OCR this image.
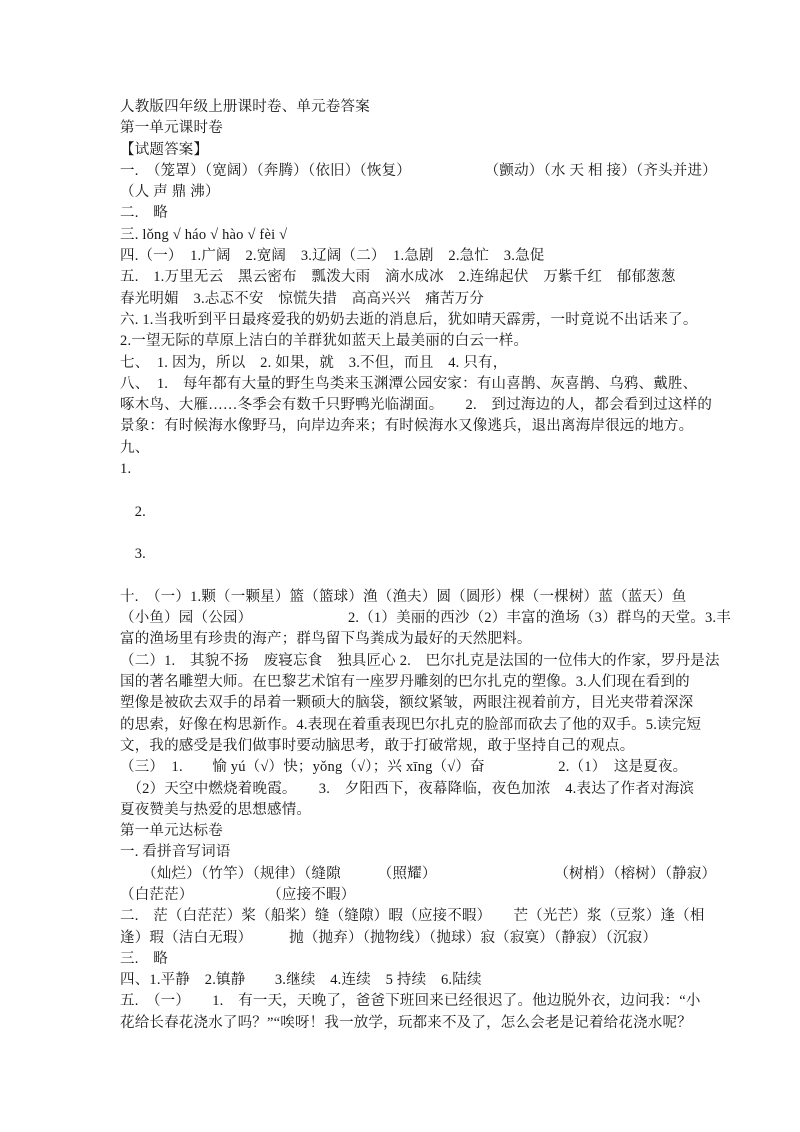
人教版四年级上册课时卷、单元卷答案
第一单元课时卷
【试题答案】
一.　（笼罩）（宽阔）（奔腾）（依旧）（恢复）　　　　　　（颤动）（水 天 相 接）（齐头并进）
（人 声 鼎 沸）
二.　略
三. lǒng √ háo √ hào √ fèi √
四.（一）　1.广阔　2.宽阔　3.辽阔（二）　1.急剧　2.急忙　3.急促
五.　1.万里无云　黑云密布　瓢泼大雨　滴水成冰　2.连绵起伏　万紫千红　郁郁葱葱
春光明媚　3.忐忑不安　惊慌失措　高高兴兴　痛苦万分
六. 1.当我听到平日最疼爱我的奶奶去逝的消息后，犹如晴天霹雳，一时竟说不出话来了。
2.一望无际的草原上洁白的羊群犹如蓝天上最美丽的白云一样。
七、　1. 因为，所以　2. 如果，就　3.不但，而且　4. 只有，
八、　1.　每年都有大量的野生鸟类来玉渊潭公园安家：有山喜鹊、灰喜鹊、乌鸦、戴胜、
啄木鸟、大雁……冬季会有数千只野鸭光临湖面。　　2.　到过海边的人，都会看到过这样的
景象：有时候海水像野马，向岸边奔来；有时候海水又像逃兵，退出离海岸很远的地方。
九、
1.
　2.
　3.
十.　（一）1.颗（一颗星）篮（篮球）渔（渔夫）圆（圆形）棵（一棵树）蓝（蓝天）鱼
（小鱼）园（公园）　　　　　　　2.（1）美丽的西沙（2）丰富的渔场（3）群鸟的天堂。3.丰
富的渔场里有珍贵的海产；群鸟留下鸟粪成为最好的天然肥料。
（二）1.　其貌不扬　废寝忘食　独具匠心 2.　巴尔扎克是法国的一位伟大的作家，罗丹是法
国的著名雕塑大师。在巴黎艺术馆有一座罗丹雕刻的巴尔扎克的塑像。3.人们现在看到的
塑像是被砍去双手的昂着一颗硕大的脑袋，额纹紧皱，两眼注视着前方，目光夹带着深深
的思索，好像在构思新作。4.表现在着重表现巴尔扎克的脸部而砍去了他的双手。5.读完短
文，我的感受是我们做事时要动脑思考，敢于打破常规，敢于坚持自己的观点。
（三）　1.　　愉 yú（√）快；yǒng（√）；兴 xīng（√）奋　　　　　2.（1）　这是夏夜。
　（2）天空中燃烧着晚霞。　　3.　夕阳西下，夜幕降临，夜色加浓　4.表达了作者对海滨
夏夜赞美与热爱的思想感情。
第一单元达标卷
一. 看拼音写词语
　　（灿烂）（竹竿）（规律）（缝隙　　　（照耀）　　　　　　　　　（树梢）（榕树）（静寂）
（白茫茫）　　　　　　（应接不暇）
二.　茫（白茫茫）桨（船桨）缝（缝隙）暇（应接不暇）　　芒（光芒）浆（豆浆）逢（相
逢）瑕（洁白无瑕）　　　抛（抛弃）（抛物线）（抛球）寂（寂寞）（静寂）（沉寂）
三.　略
四、1.平静　2.镇静　　3.继续　4.连续　5 持续　6.陆续
五.　（一）　　1.　有一天，天晚了，爸爸下班回来已经很迟了。他边脱外衣，边问我：“小
花给长春花浇水了吗？”“唉呀！我一放学，玩都来不及了，怎么会老是记着给花浇水呢？
